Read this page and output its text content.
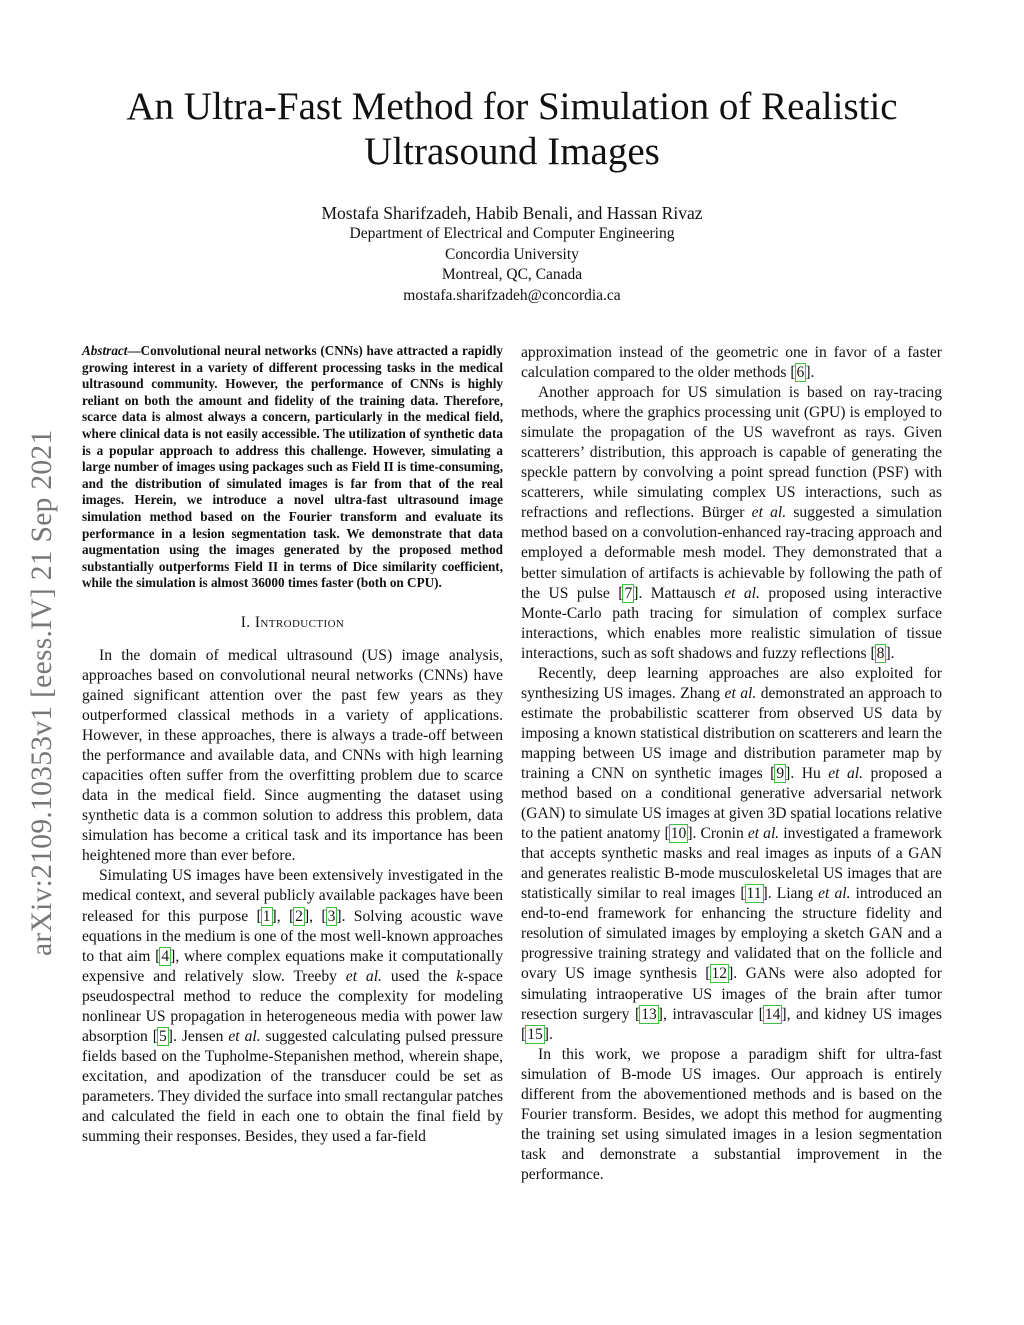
An Ultra-Fast Method for Simulation of Realistic Ultrasound Images
Mostafa Sharifzadeh, Habib Benali, and Hassan Rivaz
Department of Electrical and Computer Engineering
Concordia University
Montreal, QC, Canada
mostafa.sharifzadeh@concordia.ca
arXiv:2109.10353v1 [eess.IV] 21 Sep 2021

Abstract—Convolutional neural networks (CNNs) have attracted a rapidly growing interest in a variety of different processing tasks in the medical ultrasound community. However, the performance of CNNs is highly reliant on both the amount and fidelity of the training data. Therefore, scarce data is almost always a concern, particularly in the medical field, where clinical data is not easily accessible. The utilization of synthetic data is a popular approach to address this challenge. However, simulating a large number of images using packages such as Field II is time-consuming, and the distribution of simulated images is far from that of the real images. Herein, we introduce a novel ultra-fast ultrasound image simulation method based on the Fourier transform and evaluate its performance in a lesion segmentation task. We demonstrate that data augmentation using the images generated by the proposed method substantially outperforms Field II in terms of Dice similarity coefficient, while the simulation is almost 36000 times faster (both on CPU).

I. Introduction

In the domain of medical ultrasound (US) image analysis, approaches based on convolutional neural networks (CNNs) have gained significant attention over the past few years as they outperformed classical methods in a variety of applications. However, in these approaches, there is always a trade-off between the performance and available data, and CNNs with high learning capacities often suffer from the overfitting problem due to scarce data in the medical field. Since augmenting the dataset using synthetic data is a common solution to address this problem, data simulation has become a critical task and its importance has been heightened more than ever before.

Simulating US images have been extensively investigated in the medical context, and several publicly available packages have been released for this purpose [1], [2], [3]. Solving acoustic wave equations in the medium is one of the most well-known approaches to that aim [4], where complex equations make it computationally expensive and relatively slow. Treeby et al. used the k-space pseudospectral method to reduce the complexity for modeling nonlinear US propagation in heterogeneous media with power law absorption [5]. Jensen et al. suggested calculating pulsed pressure fields based on the Tupholme-Stepanishen method, wherein shape, excitation, and apodization of the transducer could be set as parameters. They divided the surface into small rectangular patches and calculated the field in each one to obtain the final field by summing their responses. Besides, they used a far-field

approximation instead of the geometric one in favor of a faster calculation compared to the older methods [6].

Another approach for US simulation is based on ray-tracing methods, where the graphics processing unit (GPU) is employed to simulate the propagation of the US wavefront as rays. Given scatterers’ distribution, this approach is capable of generating the speckle pattern by convolving a point spread function (PSF) with scatterers, while simulating complex US interactions, such as refractions and reflections. Bürger et al. suggested a simulation method based on a convolution-enhanced ray-tracing approach and employed a deformable mesh model. They demonstrated that a better simulation of artifacts is achievable by following the path of the US pulse [7]. Mattausch et al. proposed using interactive Monte-Carlo path tracing for simulation of complex surface interactions, which enables more realistic simulation of tissue interactions, such as soft shadows and fuzzy reflections [8].

Recently, deep learning approaches are also exploited for synthesizing US images. Zhang et al. demonstrated an approach to estimate the probabilistic scatterer from observed US data by imposing a known statistical distribution on scatterers and learn the mapping between US image and distribution parameter map by training a CNN on synthetic images [9]. Hu et al. proposed a method based on a conditional generative adversarial network (GAN) to simulate US images at given 3D spatial locations relative to the patient anatomy [10]. Cronin et al. investigated a framework that accepts synthetic masks and real images as inputs of a GAN and generates realistic B-mode musculoskeletal US images that are statistically similar to real images [11]. Liang et al. introduced an end-to-end framework for enhancing the structure fidelity and resolution of simulated images by employing a sketch GAN and a progressive training strategy and validated that on the follicle and ovary US image synthesis [12]. GANs were also adopted for simulating intraoperative US images of the brain after tumor resection surgery [13], intravascular [14], and kidney US images [15].

In this work, we propose a paradigm shift for ultra-fast simulation of B-mode US images. Our approach is entirely different from the abovementioned methods and is based on the Fourier transform. Besides, we adopt this method for augmenting the training set using simulated images in a lesion segmentation task and demonstrate a substantial improvement in the performance.
